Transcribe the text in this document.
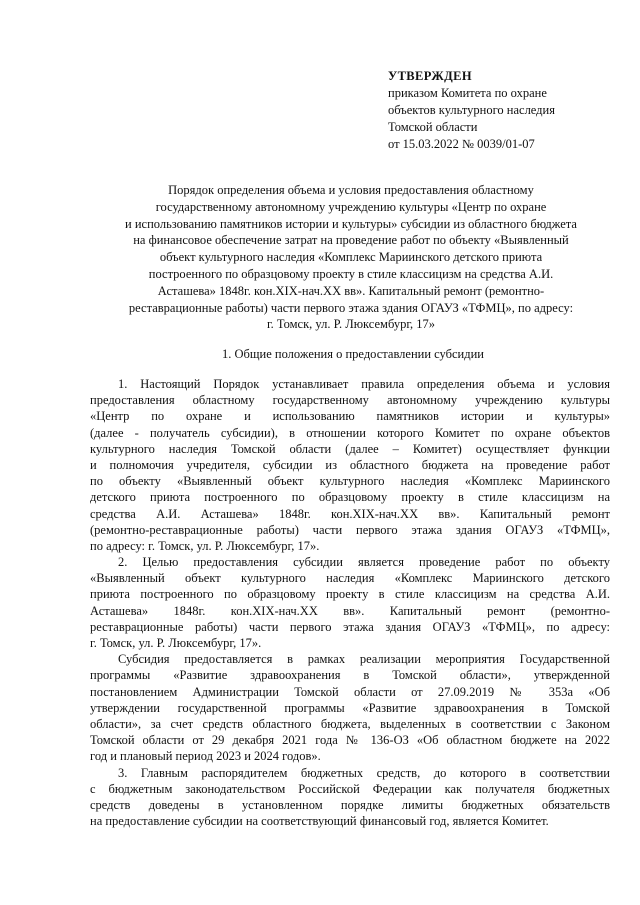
УТВЕРЖДЕН
приказом Комитета по охране
объектов культурного наследия
Томской области
от 15.03.2022 № 0039/01-07
Порядок определения объема и условия предоставления областному
государственному автономному учреждению культуры «Центр по охране
и использованию памятников истории и культуры» субсидии из областного бюджета
на финансовое обеспечение затрат на проведение работ по объекту «Выявленный
объект культурного наследия «Комплекс Мариинского детского приюта
построенного по образцовому проекту в стиле классицизм на средства А.И.
Асташева» 1848г. кон.XIX-нач.XX вв». Капитальный ремонт (ремонтно-
реставрационные работы) части первого этажа здания ОГАУЗ «ТФМЦ», по адресу:
г. Томск, ул. Р. Люксембург, 17»
1. Общие положения о предоставлении субсидии
1. Настоящий Порядок устанавливает правила определения объема и условия
предоставления областному государственному автономному учреждению культуры
«Центр по охране и использованию памятников истории и культуры»
(далее - получатель субсидии), в отношении которого Комитет по охране объектов
культурного наследия Томской области (далее – Комитет) осуществляет функции
и полномочия учредителя, субсидии из областного бюджета на проведение работ
по объекту «Выявленный объект культурного наследия «Комплекс Мариинского
детского приюта построенного по образцовому проекту в стиле классицизм на
средства А.И. Асташева» 1848г. кон.XIX-нач.XX вв». Капитальный ремонт
(ремонтно-реставрационные работы) части первого этажа здания ОГАУЗ «ТФМЦ»,
по адресу: г. Томск, ул. Р. Люксембург, 17».
2. Целью предоставления субсидии является проведение работ по объекту
«Выявленный объект культурного наследия «Комплекс Мариинского детского
приюта построенного по образцовому проекту в стиле классицизм на средства А.И.
Асташева» 1848г. кон.XIX-нач.XX вв». Капитальный ремонт (ремонтно-
реставрационные работы) части первого этажа здания ОГАУЗ «ТФМЦ», по адресу:
г. Томск, ул. Р. Люксембург, 17».
Субсидия предоставляется в рамках реализации мероприятия Государственной
программы «Развитие здравоохранения в Томской области», утвержденной
постановлением Администрации Томской области от 27.09.2019 № 353а «Об
утверждении государственной программы «Развитие здравоохранения в Томской
области», за счет средств областного бюджета, выделенных в соответствии с Законом
Томской области от 29 декабря 2021 года № 136-ОЗ «Об областном бюджете на 2022
год и плановый период 2023 и 2024 годов».
3. Главным распорядителем бюджетных средств, до которого в соответствии
с бюджетным законодательством Российской Федерации как получателя бюджетных
средств доведены в установленном порядке лимиты бюджетных обязательств
на предоставление субсидии на соответствующий финансовый год, является Комитет.
